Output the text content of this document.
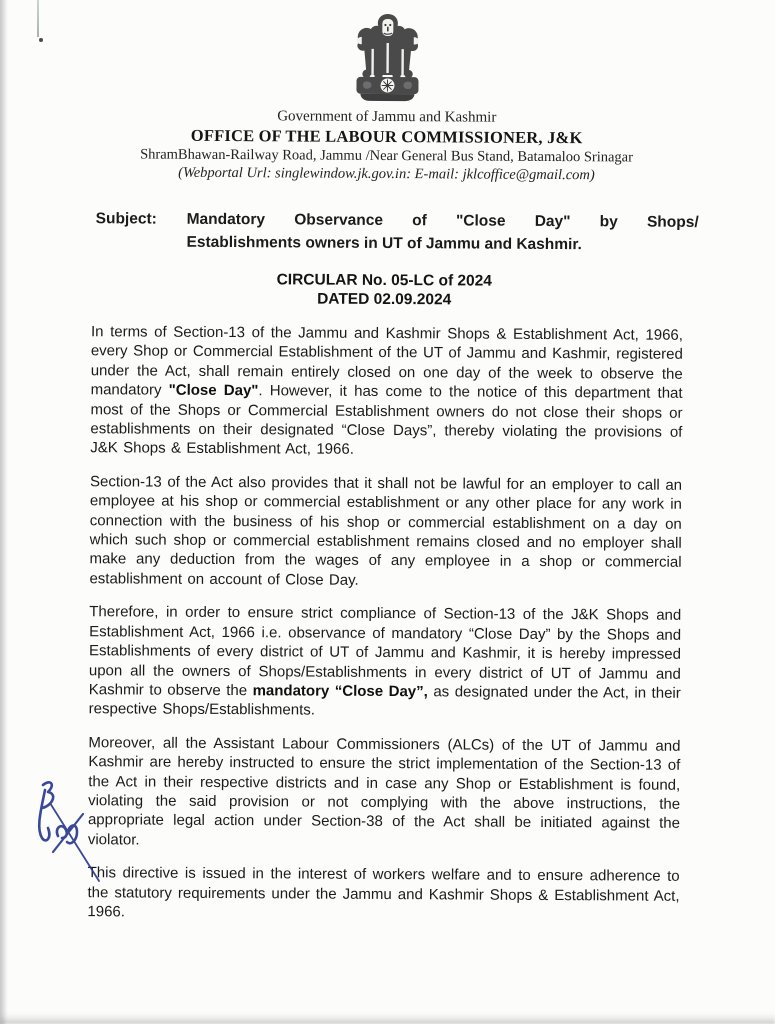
Government of Jammu and Kashmir
OFFICE OF THE LABOUR COMMISSIONER, J&K
ShramBhawan-Railway Road, Jammu /Near General Bus Stand, Batamaloo Srinagar
(Webportal Url: singlewindow.jk.gov.in: E-mail: jklcoffice@gmail.com)
Subject:	Mandatory Observance of "Close Day" by Shops/
Establishments owners in UT of Jammu and Kashmir.
CIRCULAR No. 05-LC of 2024
DATED 02.09.2024

In terms of Section-13 of the Jammu and Kashmir Shops & Establishment Act, 1966, every Shop or Commercial Establishment of the UT of Jammu and Kashmir, registered under the Act, shall remain entirely closed on one day of the week to observe the mandatory "Close Day". However, it has come to the notice of this department that most of the Shops or Commercial Establishment owners do not close their shops or establishments on their designated “Close Days”, thereby violating the provisions of J&K Shops & Establishment Act, 1966.

Section-13 of the Act also provides that it shall not be lawful for an employer to call an employee at his shop or commercial establishment or any other place for any work in connection with the business of his shop or commercial establishment on a day on which such shop or commercial establishment remains closed and no employer shall make any deduction from the wages of any employee in a shop or commercial establishment on account of Close Day.

Therefore, in order to ensure strict compliance of Section-13 of the J&K Shops and Establishment Act, 1966 i.e. observance of mandatory “Close Day” by the Shops and Establishments of every district of UT of Jammu and Kashmir, it is hereby impressed upon all the owners of Shops/Establishments in every district of UT of Jammu and Kashmir to observe the mandatory “Close Day”, as designated under the Act, in their respective Shops/Establishments.

Moreover, all the Assistant Labour Commissioners (ALCs) of the UT of Jammu and Kashmir are hereby instructed to ensure the strict implementation of the Section-13 of the Act in their respective districts and in case any Shop or Establishment is found, violating the said provision or not complying with the above instructions, the appropriate legal action under Section-38 of the Act shall be initiated against the violator.

This directive is issued in the interest of workers welfare and to ensure adherence to the statutory requirements under the Jammu and Kashmir Shops & Establishment Act, 1966.
